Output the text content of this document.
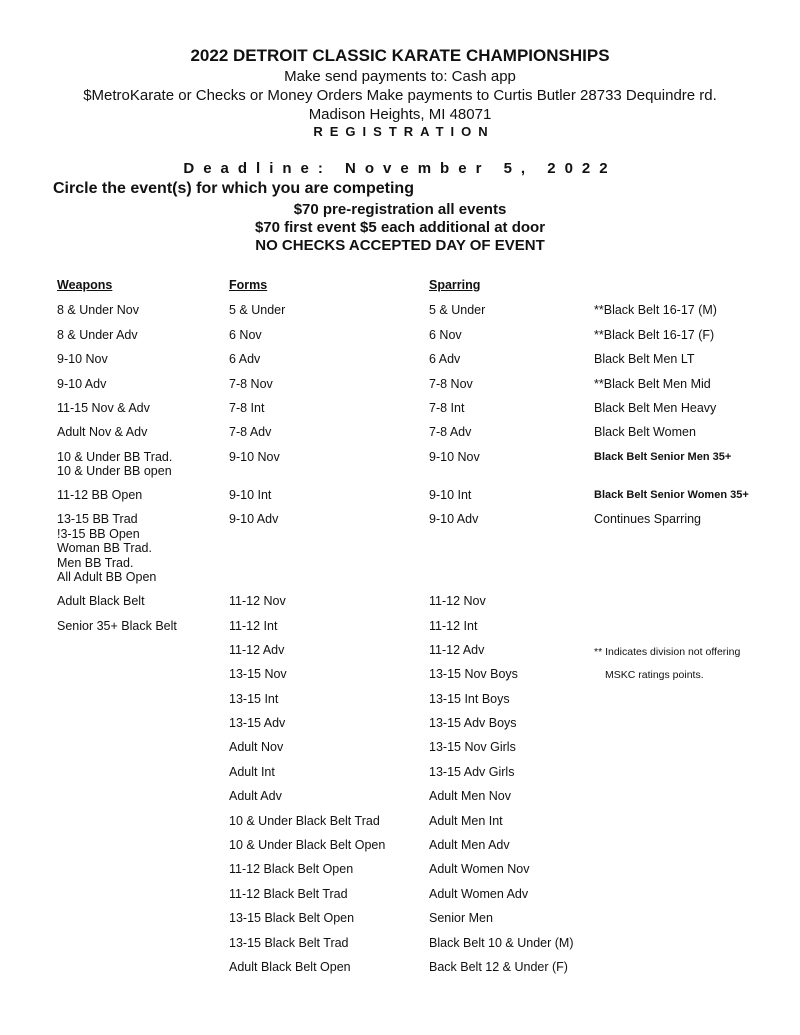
2022 DETROIT CLASSIC KARATE CHAMPIONSHIPS
Make send payments to: Cash app
$MetroKarate or Checks or Money Orders Make payments to Curtis Butler 28733 Dequindre rd.
Madison Heights, MI 48071
REGISTRATION
Deadline: November 5, 2022
Circle the event(s) for which you are competing
$70 pre-registration all events
$70 first event $5 each additional at door
NO CHECKS ACCEPTED DAY OF EVENT
Weapons
8 & Under Nov
8 & Under Adv
9-10 Nov
9-10 Adv
11-15 Nov & Adv
Adult Nov & Adv
10 & Under BB Trad.
10 & Under BB open
11-12 BB Open
13-15 BB Trad
!3-15 BB Open
Woman BB Trad.
Men BB Trad.
All Adult BB Open
Adult Black Belt
Senior 35+ Black Belt
Forms
5 & Under
6 Nov
6 Adv
7-8 Nov
7-8 Int
7-8 Adv
9-10 Nov
9-10 Int
9-10 Adv
11-12 Nov
11-12 Int
11-12 Adv
13-15 Nov
13-15 Int
13-15 Adv
Adult Nov
Adult Int
Adult Adv
10 & Under Black Belt Trad
10 & Under Black Belt Open
11-12 Black Belt Open
11-12 Black Belt Trad
13-15 Black Belt Open
13-15 Black Belt Trad
Adult Black Belt Open
Sparring
5 & Under
6 Nov
6 Adv
7-8 Nov
7-8 Int
7-8 Adv
9-10 Nov
9-10 Int
9-10 Adv
11-12 Nov
11-12 Int
11-12 Adv
13-15 Nov Boys
13-15 Int Boys
13-15 Adv Boys
13-15 Nov Girls
13-15 Adv Girls
Adult Men Nov
Adult Men Int
Adult Men Adv
Adult Women Nov
Adult Women Adv
Senior Men
Black Belt 10 & Under (M)
Back Belt 12 & Under (F)
**Black Belt 16-17 (M)
**Black Belt 16-17 (F)
Black Belt Men LT
**Black Belt Men Mid
Black Belt Men Heavy
Black Belt Women
Black Belt Senior Men 35+
Black Belt Senior Women 35+
Continues Sparring
** Indicates division not offering
MSKC ratings points.
